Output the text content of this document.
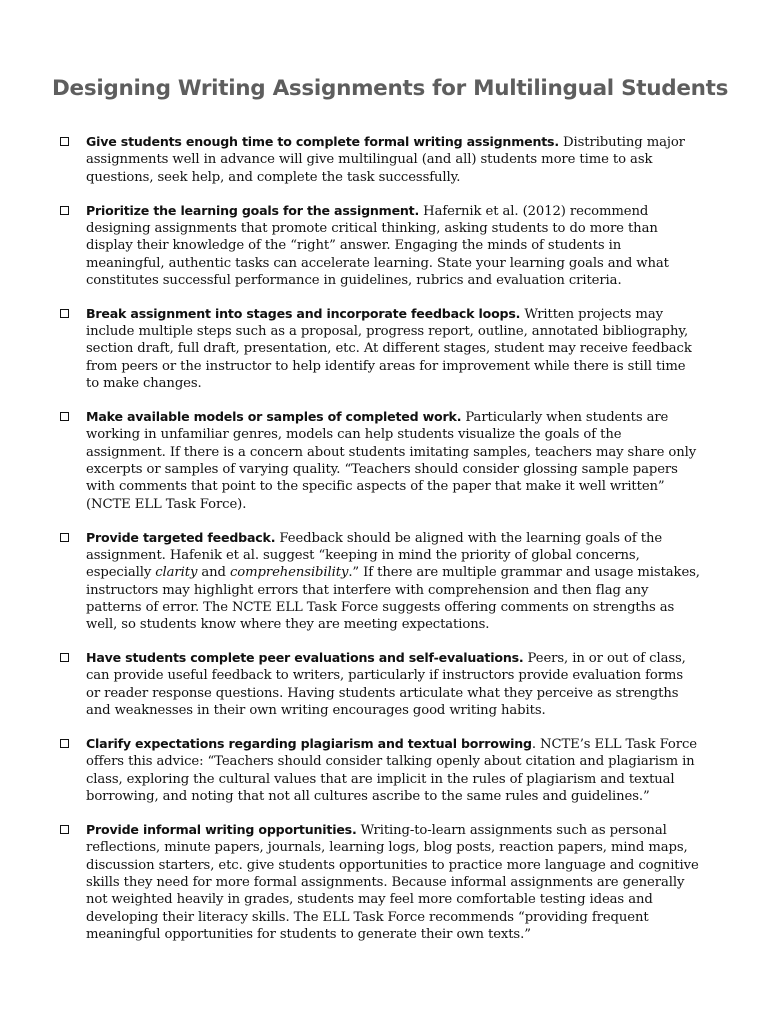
Designing Writing Assignments for Multilingual Students
Give students enough time to complete formal writing assignments. Distributing major assignments well in advance will give multilingual (and all) students more time to ask questions, seek help, and complete the task successfully.
Prioritize the learning goals for the assignment. Hafernik et al. (2012) recommend designing assignments that promote critical thinking, asking students to do more than display their knowledge of the “right” answer. Engaging the minds of students in meaningful, authentic tasks can accelerate learning. State your learning goals and what constitutes successful performance in guidelines, rubrics and evaluation criteria.
Break assignment into stages and incorporate feedback loops. Written projects may include multiple steps such as a proposal, progress report, outline, annotated bibliography, section draft, full draft, presentation, etc. At different stages, student may receive feedback from peers or the instructor to help identify areas for improvement while there is still time to make changes.
Make available models or samples of completed work. Particularly when students are working in unfamiliar genres, models can help students visualize the goals of the assignment. If there is a concern about students imitating samples, teachers may share only excerpts or samples of varying quality. “Teachers should consider glossing sample papers with comments that point to the specific aspects of the paper that make it well written” (NCTE ELL Task Force).
Provide targeted feedback. Feedback should be aligned with the learning goals of the assignment. Hafenik et al. suggest “keeping in mind the priority of global concerns, especially clarity and comprehensibility.” If there are multiple grammar and usage mistakes, instructors may highlight errors that interfere with comprehension and then flag any patterns of error. The NCTE ELL Task Force suggests offering comments on strengths as well, so students know where they are meeting expectations.
Have students complete peer evaluations and self-evaluations. Peers, in or out of class, can provide useful feedback to writers, particularly if instructors provide evaluation forms or reader response questions. Having students articulate what they perceive as strengths and weaknesses in their own writing encourages good writing habits.
Clarify expectations regarding plagiarism and textual borrowing. NCTE’s ELL Task Force offers this advice: “Teachers should consider talking openly about citation and plagiarism in class, exploring the cultural values that are implicit in the rules of plagiarism and textual borrowing, and noting that not all cultures ascribe to the same rules and guidelines.”
Provide informal writing opportunities. Writing-to-learn assignments such as personal reflections, minute papers, journals, learning logs, blog posts, reaction papers, mind maps, discussion starters, etc. give students opportunities to practice more language and cognitive skills they need for more formal assignments. Because informal assignments are generally not weighted heavily in grades, students may feel more comfortable testing ideas and developing their literacy skills. The ELL Task Force recommends “providing frequent meaningful opportunities for students to generate their own texts.”
